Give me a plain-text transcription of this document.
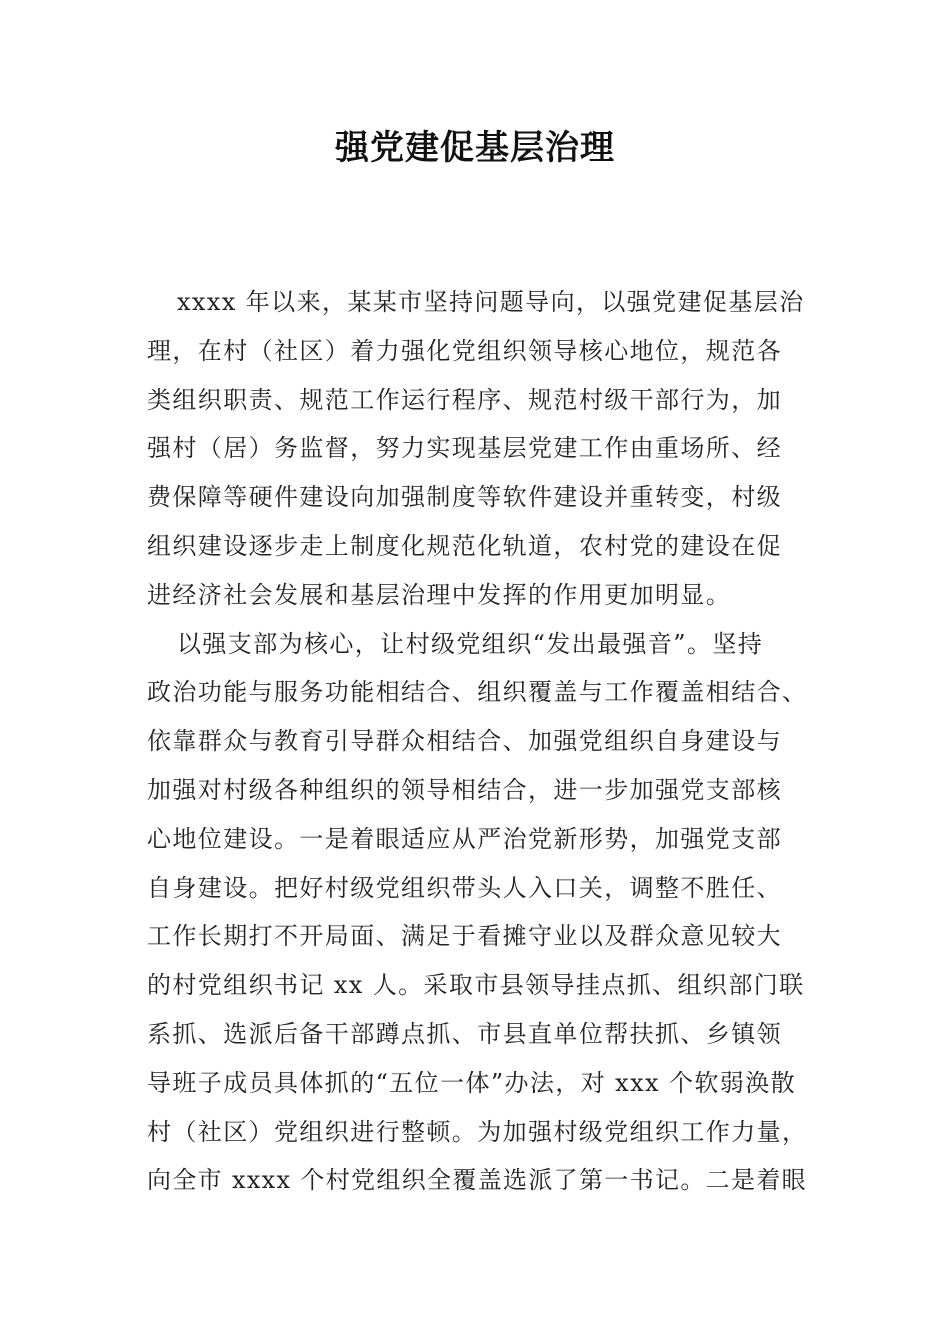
强党建促基层治理
xxxx 年以来，某某市坚持问题导向，以强党建促基层治
理，在村（社区）着力强化党组织领导核心地位，规范各
类组织职责、规范工作运行程序、规范村级干部行为，加
强村（居）务监督，努力实现基层党建工作由重场所、经
费保障等硬件建设向加强制度等软件建设并重转变，村级
组织建设逐步走上制度化规范化轨道，农村党的建设在促
进经济社会发展和基层治理中发挥的作用更加明显。
以强支部为核心，让村级党组织“发出最强音”。坚持
政治功能与服务功能相结合、组织覆盖与工作覆盖相结合、
依靠群众与教育引导群众相结合、加强党组织自身建设与
加强对村级各种组织的领导相结合，进一步加强党支部核
心地位建设。一是着眼适应从严治党新形势，加强党支部
自身建设。把好村级党组织带头人入口关，调整不胜任、
工作长期打不开局面、满足于看摊守业以及群众意见较大
的村党组织书记 xx 人。采取市县领导挂点抓、组织部门联
系抓、选派后备干部蹲点抓、市县直单位帮扶抓、乡镇领
导班子成员具体抓的“五位一体”办法，对 xxx 个软弱涣散
村（社区）党组织进行整顿。为加强村级党组织工作力量，
向全市 xxxx 个村党组织全覆盖选派了第一书记。二是着眼
